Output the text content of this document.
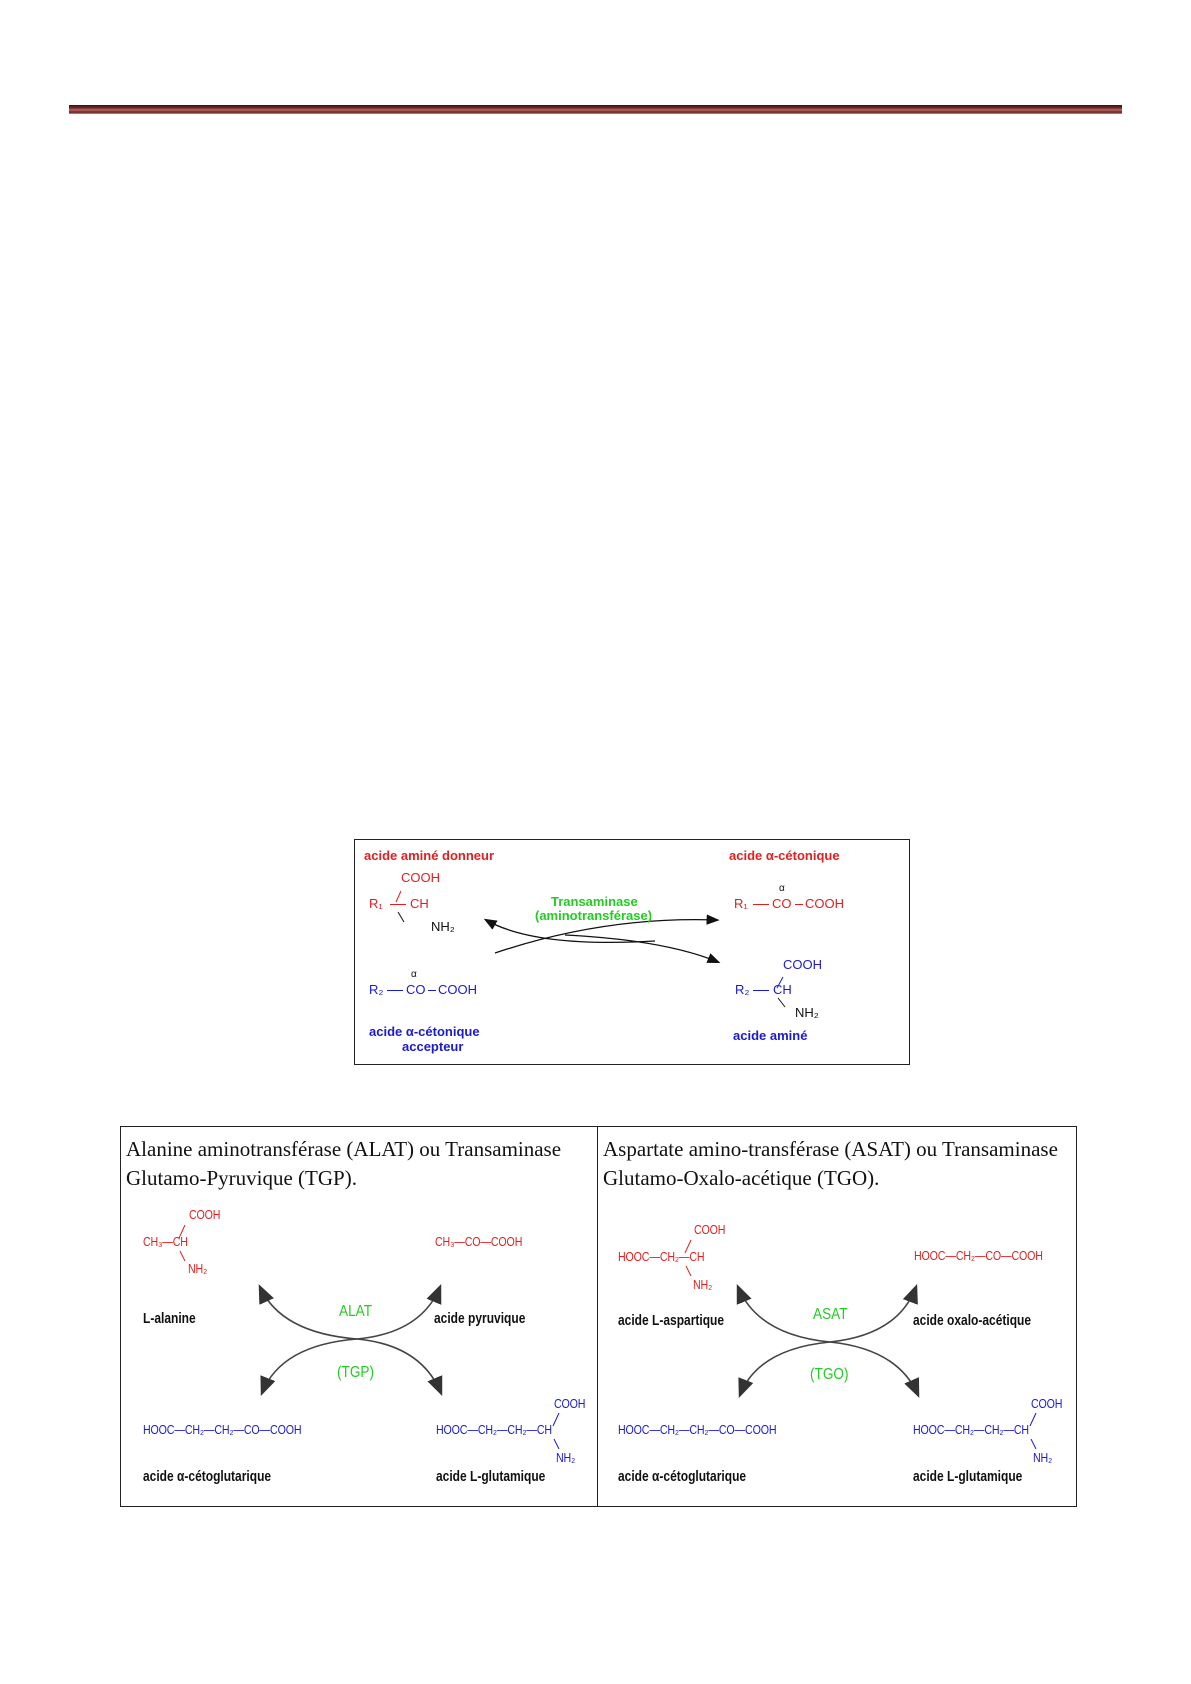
acide aminé donneur	acide α-cétonique
COOH
R₁ CH
NH₂
Transaminase
(aminotransférase)
α
R₁ CO COOH
α
R₂ CO COOH
COOH
R₂ CH
NH₂
acide α-cétonique
accepteur
acide aminé
Alanine aminotransférase (ALAT) ou Transaminase Glutamo-Pyruvique (TGP).
COOH
CH₃—CH
NH₂
CH₃—CO—COOH
L-alanine	acide pyruvique
ALAT
(TGP)
COOH
HOOC—CH₂—CH₂—CO—COOH	HOOC—CH₂—CH₂—CH
NH₂
acide α-cétoglutarique	acide L-glutamique
Aspartate amino-transférase (ASAT) ou Transaminase Glutamo-Oxalo-acétique (TGO).
COOH
HOOC—CH₂—CH
NH₂
HOOC—CH₂—CO—COOH
acide L-aspartique	acide oxalo-acétique
ASAT
(TGO)
COOH
HOOC—CH₂—CH₂—CO—COOH	HOOC—CH₂—CH₂—CH
NH₂
acide α-cétoglutarique	acide L-glutamique
